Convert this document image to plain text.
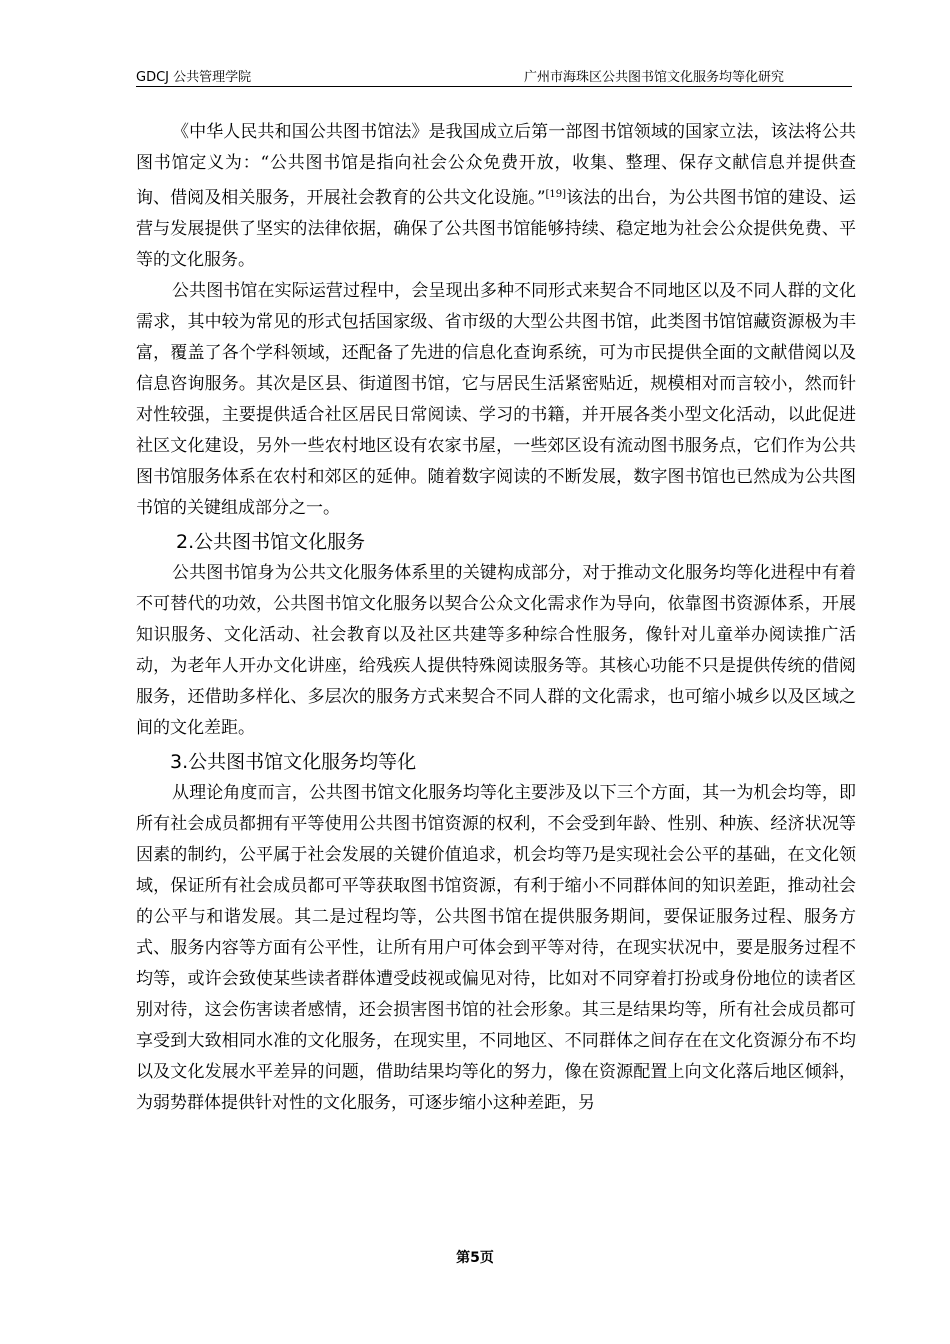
GDCJ 公共管理学院	广州市海珠区公共图书馆文化服务均等化研究

《中华人民共和国公共图书馆法》是我国成立后第一部图书馆领域的国家立法，该法将公共图书馆定义为：“公共图书馆是指向社会公众免费开放，收集、整理、保存文献信息并提供查询、借阅及相关服务，开展社会教育的公共文化设施。”[19]该法的出台，为公共图书馆的建设、运营与发展提供了坚实的法律依据，确保了公共图书馆能够持续、稳定地为社会公众提供免费、平等的文化服务。

公共图书馆在实际运营过程中，会呈现出多种不同形式来契合不同地区以及不同人群的文化需求，其中较为常见的形式包括国家级、省市级的大型公共图书馆，此类图书馆馆藏资源极为丰富，覆盖了各个学科领域，还配备了先进的信息化查询系统，可为市民提供全面的文献借阅以及信息咨询服务。其次是区县、街道图书馆，它与居民生活紧密贴近，规模相对而言较小，然而针对性较强，主要提供适合社区居民日常阅读、学习的书籍，并开展各类小型文化活动，以此促进社区文化建设，另外一些农村地区设有农家书屋，一些郊区设有流动图书服务点，它们作为公共图书馆服务体系在农村和郊区的延伸。随着数字阅读的不断发展，数字图书馆也已然成为公共图书馆的关键组成部分之一。

2.公共图书馆文化服务

公共图书馆身为公共文化服务体系里的关键构成部分，对于推动文化服务均等化进程中有着不可替代的功效，公共图书馆文化服务以契合公众文化需求作为导向，依靠图书资源体系，开展知识服务、文化活动、社会教育以及社区共建等多种综合性服务，像针对儿童举办阅读推广活动，为老年人开办文化讲座，给残疾人提供特殊阅读服务等。其核心功能不只是提供传统的借阅服务，还借助多样化、多层次的服务方式来契合不同人群的文化需求，也可缩小城乡以及区域之间的文化差距。

3.公共图书馆文化服务均等化

从理论角度而言，公共图书馆文化服务均等化主要涉及以下三个方面，其一为机会均等，即所有社会成员都拥有平等使用公共图书馆资源的权利，不会受到年龄、性别、种族、经济状况等因素的制约，公平属于社会发展的关键价值追求，机会均等乃是实现社会公平的基础，在文化领域，保证所有社会成员都可平等获取图书馆资源，有利于缩小不同群体间的知识差距，推动社会的公平与和谐发展。其二是过程均等，公共图书馆在提供服务期间，要保证服务过程、服务方式、服务内容等方面有公平性，让所有用户可体会到平等对待，在现实状况中，要是服务过程不均等，或许会致使某些读者群体遭受歧视或偏见对待，比如对不同穿着打扮或身份地位的读者区别对待，这会伤害读者感情，还会损害图书馆的社会形象。其三是结果均等，所有社会成员都可享受到大致相同水准的文化服务，在现实里，不同地区、不同群体之间存在在文化资源分布不均以及文化发展水平差异的问题，借助结果均等化的努力，像在资源配置上向文化落后地区倾斜，为弱势群体提供针对性的文化服务，可逐步缩小这种差距，另

第5页
